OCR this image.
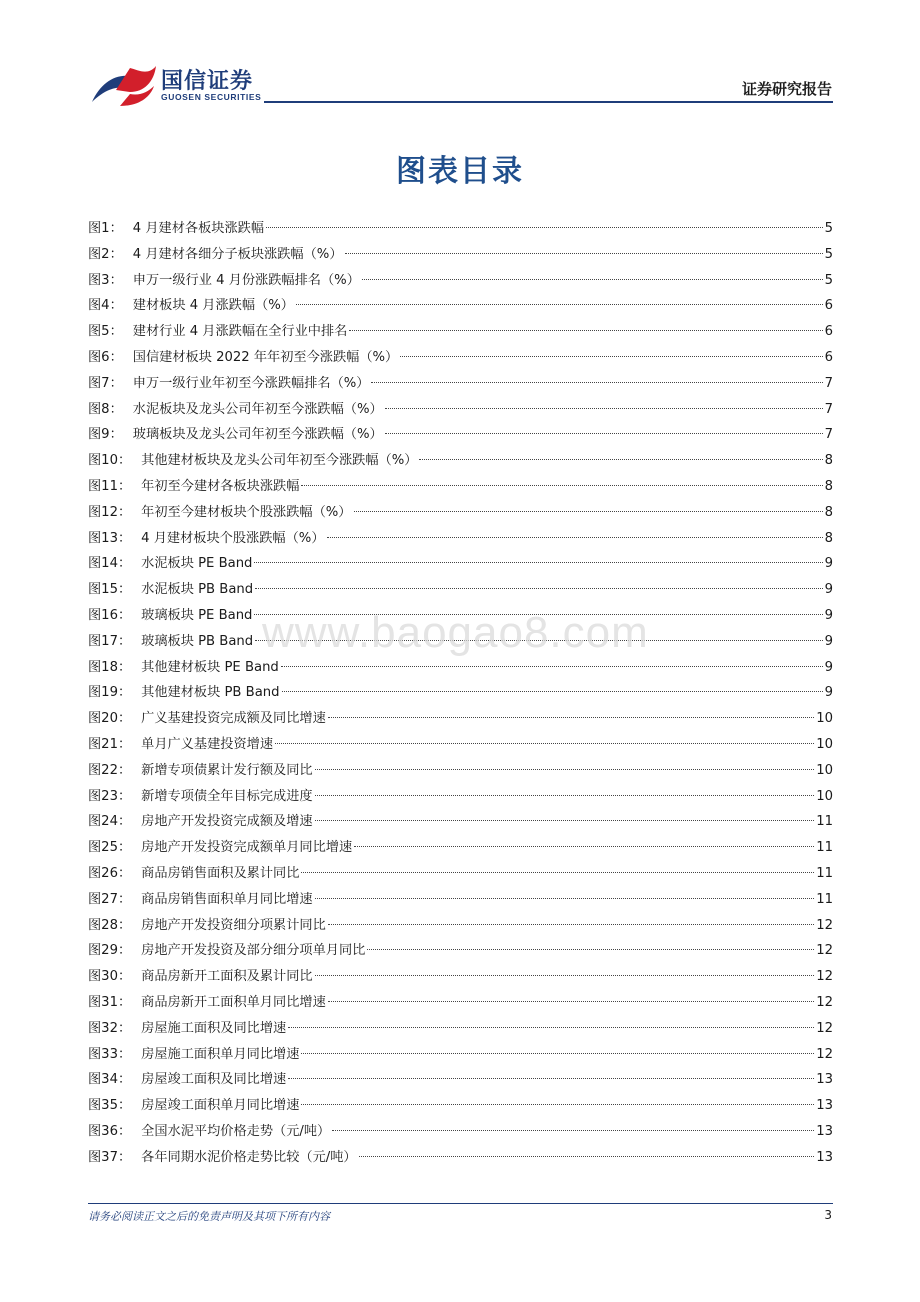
国信证券
GUOSEN SECURITIES	证券研究报告
图表目录
图1： 4 月建材各板块涨跌幅	5
图2： 4 月建材各细分子板块涨跌幅（%）	5
图3： 申万一级行业 4 月份涨跌幅排名（%）	5
图4： 建材板块 4 月涨跌幅（%）	6
图5： 建材行业 4 月涨跌幅在全行业中排名	6
图6： 国信建材板块 2022 年年初至今涨跌幅（%）	6
图7： 申万一级行业年初至今涨跌幅排名（%）	7
图8： 水泥板块及龙头公司年初至今涨跌幅（%）	7
图9： 玻璃板块及龙头公司年初至今涨跌幅（%）	7
图10： 其他建材板块及龙头公司年初至今涨跌幅（%）	8
图11： 年初至今建材各板块涨跌幅	8
图12： 年初至今建材板块个股涨跌幅（%）	8
图13： 4 月建材板块个股涨跌幅（%）	8
图14： 水泥板块 PE Band	9
图15： 水泥板块 PB Band	9
图16： 玻璃板块 PE Band	9
图17： 玻璃板块 PB Band	9
图18： 其他建材板块 PE Band	9
图19： 其他建材板块 PB Band	9
图20： 广义基建投资完成额及同比增速	10
图21： 单月广义基建投资增速	10
图22： 新增专项债累计发行额及同比	10
图23： 新增专项债全年目标完成进度	10
图24： 房地产开发投资完成额及增速	11
图25： 房地产开发投资完成额单月同比增速	11
图26： 商品房销售面积及累计同比	11
图27： 商品房销售面积单月同比增速	11
图28： 房地产开发投资细分项累计同比	12
图29： 房地产开发投资及部分细分项单月同比	12
图30： 商品房新开工面积及累计同比	12
图31： 商品房新开工面积单月同比增速	12
图32： 房屋施工面积及同比增速	12
图33： 房屋施工面积单月同比增速	12
图34： 房屋竣工面积及同比增速	13
图35： 房屋竣工面积单月同比增速	13
图36： 全国水泥平均价格走势（元/吨）	13
图37： 各年同期水泥价格走势比较（元/吨）	13
www.baogao8.com
请务必阅读正文之后的免责声明及其项下所有内容	3
